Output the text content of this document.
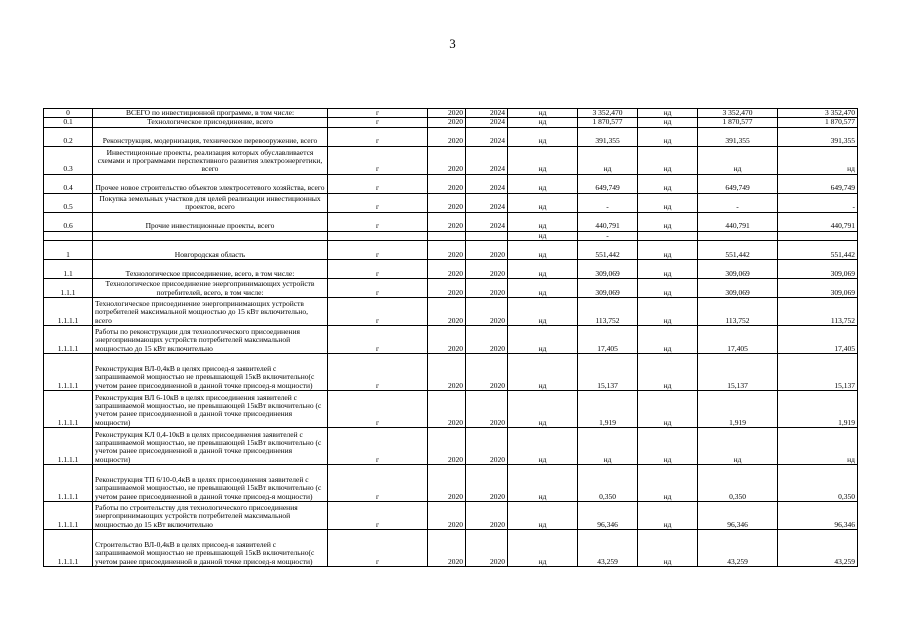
3
0	ВСЕГО по инвестиционной программе, в том числе:	г	2020	2024	нд	3 352,470	нд	3 352,470	3 352,470
0.1	Технологическое присоединение, всего	г	2020	2024	нд	1 870,577	нд	1 870,577	1 870,577
0.2	Реконструкция, модернизация, техническое перевооружение, всего	г	2020	2024	нд	391,355	нд	391,355	391,355
0.3	Инвестиционные проекты, реализация которых обуславливается схемами и программами перспективного развития электроэнергетики, всего	г	2020	2024	нд	нд	нд	нд	нд
0.4	Прочее новое строительство объектов электросетевого хозяйства, всего	г	2020	2024	нд	649,749	нд	649,749	649,749
0.5	Покупка земельных участков для целей реализации инвестиционных проектов, всего	г	2020	2024	нд	-	нд	-	-
0.6	Прочие инвестиционные проекты, всего	г	2020	2024	нд	440,791	нд	440,791	440,791
					нд	-			
1	Новгородская область	г	2020	2020	нд	551,442	нд	551,442	551,442
1.1	Технологическое присоединение, всего, в том числе:	г	2020	2020	нд	309,069	нд	309,069	309,069
1.1.1	Технологическое присоединение энергопринимающих устройств потребителей, всего, в том числе:	г	2020	2020	нд	309,069	нд	309,069	309,069
1.1.1.1	Технологическое присоединение энергопринимающих устройств потребителей максимальной мощностью до 15 кВт включительно, всего	г	2020	2020	нд	113,752	нд	113,752	113,752
1.1.1.1	Работы по реконструкции для технологического присоединения энергопринимающих устройств потребителей максимальной мощностью до 15 кВт включительно	г	2020	2020	нд	17,405	нд	17,405	17,405
1.1.1.1	Реконструкция ВЛ-0,4кВ в целях присоед-я заявителей с запрашиваемой мощностью не превышающей 15кВ включительно(с учетом ранее присоединенной в данной точке присоед-я мощности)	г	2020	2020	нд	15,137	нд	15,137	15,137
1.1.1.1	Реконструкция ВЛ 6-10кВ в целях присоединения заявителей с запрашиваемой мощностью, не превышающей 15кВт включительно (с учетом ранее присоединенной в данной точке присоединения мощности)	г	2020	2020	нд	1,919	нд	1,919	1,919
1.1.1.1	Реконструкция КЛ 0,4-10кВ в целях присоединения заявителей с запрашиваемой мощностью, не превышающей 15кВт включительно (с учетом ранее присоединенной в данной точке присоединения мощности)	г	2020	2020	нд	нд	нд	нд	нд
1.1.1.1	Реконструкция ТП 6/10-0,4кВ в целях присоединения заявителей с запрашиваемой мощностью, не превышающей 15кВт включительно (с учетом ранее присоединенной в данной точке присоед-я мощности)	г	2020	2020	нд	0,350	нд	0,350	0,350
1.1.1.1	Работы по строительству для технологического присоединения энергопринимающих устройств потребителей максимальной мощностью до 15 кВт включительно	г	2020	2020	нд	96,346	нд	96,346	96,346
1.1.1.1	Строительство ВЛ-0,4кВ в целях присоед-я заявителей с запрашиваемой мощностью не превышающей 15кВ включительно(с учетом ранее присоединенной в данной точке присоед-я мощности)	г	2020	2020	нд	43,259	нд	43,259	43,259
